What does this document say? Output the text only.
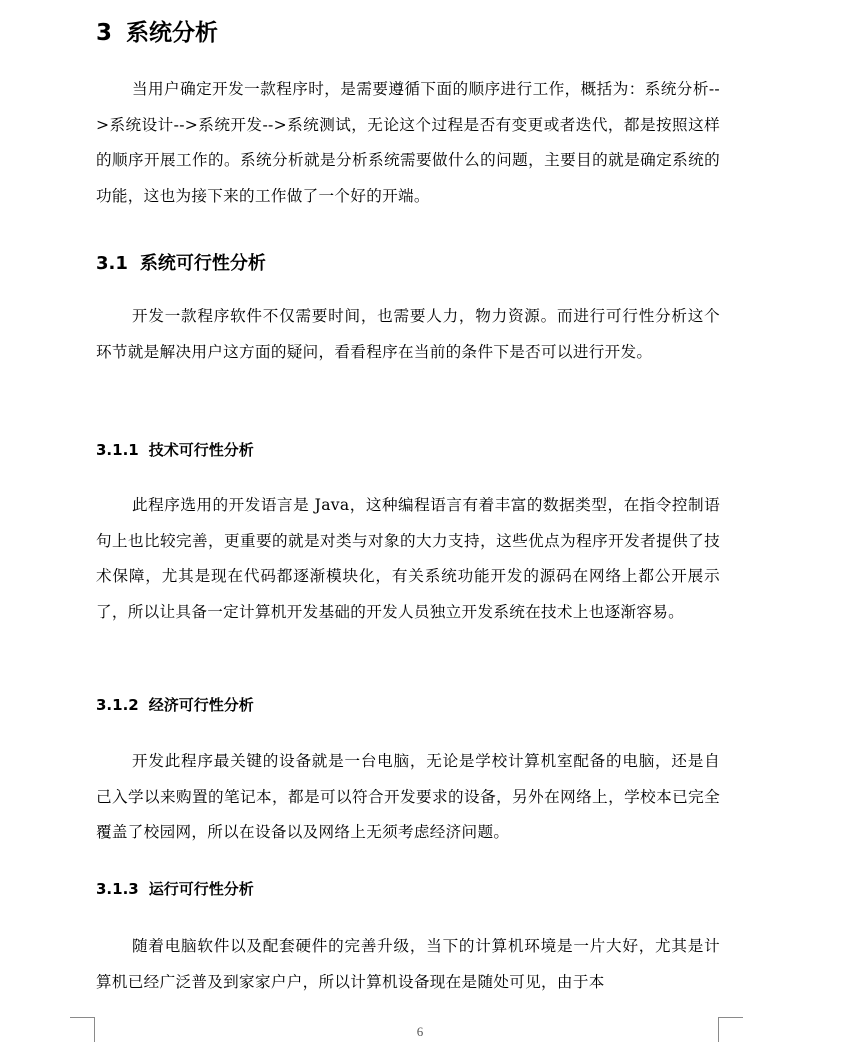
3 系统分析

当用户确定开发一款程序时，是需要遵循下面的顺序进行工作，概括为：系统分析-->系统设计-->系统开发-->系统测试，无论这个过程是否有变更或者迭代，都是按照这样的顺序开展工作的。系统分析就是分析系统需要做什么的问题，主要目的就是确定系统的功能，这也为接下来的工作做了一个好的开端。

3.1 系统可行性分析

开发一款程序软件不仅需要时间，也需要人力，物力资源。而进行可行性分析这个环节就是解决用户这方面的疑问，看看程序在当前的条件下是否可以进行开发。

3.1.1 技术可行性分析

此程序选用的开发语言是 Java，这种编程语言有着丰富的数据类型，在指令控制语句上也比较完善，更重要的就是对类与对象的大力支持，这些优点为程序开发者提供了技术保障，尤其是现在代码都逐渐模块化，有关系统功能开发的源码在网络上都公开展示了，所以让具备一定计算机开发基础的开发人员独立开发系统在技术上也逐渐容易。

3.1.2 经济可行性分析

开发此程序最关键的设备就是一台电脑，无论是学校计算机室配备的电脑，还是自己入学以来购置的笔记本，都是可以符合开发要求的设备，另外在网络上，学校本已完全覆盖了校园网，所以在设备以及网络上无须考虑经济问题。

3.1.3 运行可行性分析

随着电脑软件以及配套硬件的完善升级，当下的计算机环境是一片大好，尤其是计算机已经广泛普及到家家户户，所以计算机设备现在是随处可见，由于本

6
